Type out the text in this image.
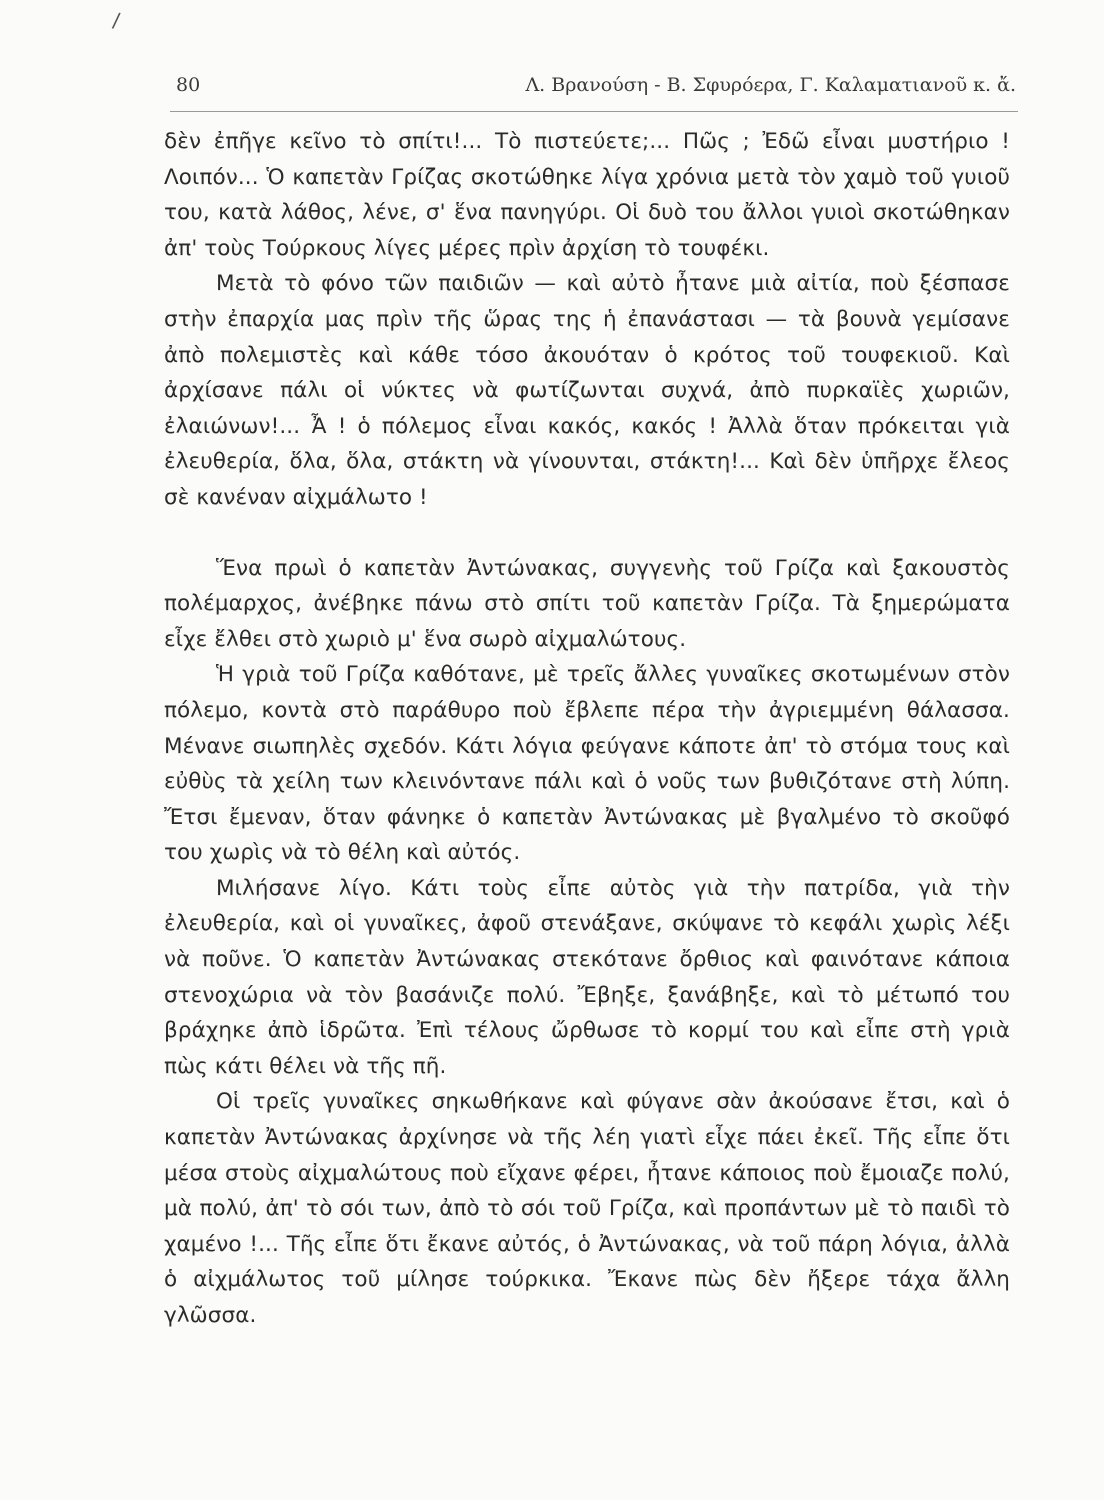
/
80	Λ. Βρανούση - Β. Σφυρόερα, Γ. Καλαματιανοῦ κ. ἄ.

δὲν ἐπῆγε κεῖνο τὸ σπίτι!... Τὸ πιστεύετε;... Πῶς ; Ἐδῶ εἶναι μυστήριο ! Λοιπόν... Ὁ καπετὰν Γρίζας σκοτώθηκε λίγα χρόνια μετὰ τὸν χαμὸ τοῦ γυιοῦ του, κατὰ λάθος, λένε, σ' ἕνα πανηγύρι. Οἱ δυὸ του ἄλλοι γυιοὶ σκοτώθηκαν ἀπ' τοὺς Τούρκους λίγες μέρες πρὶν ἀρχίση τὸ τουφέκι.

Μετὰ τὸ φόνο τῶν παιδιῶν — καὶ αὐτὸ ἦτανε μιὰ αἰτία, ποὺ ξέσπασε στὴν ἐπαρχία μας πρὶν τῆς ὥρας της ἡ ἐπανάστασι — τὰ βουνὰ γεμίσανε ἀπὸ πολεμιστὲς καὶ κάθε τόσο ἀκουόταν ὁ κρότος τοῦ τουφεκιοῦ. Καὶ ἀρχίσανε πάλι οἱ νύκτες νὰ φωτίζωνται συχνά, ἀπὸ πυρκαϊὲς χωριῶν, ἐλαιώνων!... Ἆ ! ὁ πόλεμος εἶναι κακός, κακός ! Ἀλλὰ ὅταν πρόκειται γιὰ ἐλευθερία, ὅλα, ὅλα, στάκτη νὰ γίνουνται, στάκτη!... Καὶ δὲν ὑπῆρχε ἔλεος σὲ κανέναν αἰχμάλωτο !

Ἕνα πρωὶ ὁ καπετὰν Ἀντώνακας, συγγενὴς τοῦ Γρίζα καὶ ξακουστὸς πολέμαρχος, ἀνέβηκε πάνω στὸ σπίτι τοῦ καπετὰν Γρίζα. Τὰ ξημερώματα εἶχε ἔλθει στὸ χωριὸ μ' ἕνα σωρὸ αἰχμαλώτους.

Ἡ γριὰ τοῦ Γρίζα καθότανε, μὲ τρεῖς ἄλλες γυναῖκες σκοτωμένων στὸν πόλεμο, κοντὰ στὸ παράθυρο ποὺ ἔβλεπε πέρα τὴν ἀγριεμμένη θάλασσα. Μένανε σιωπηλὲς σχεδόν. Κάτι λόγια φεύγανε κάποτε ἀπ' τὸ στόμα τους καὶ εὐθὺς τὰ χείλη των κλεινόντανε πάλι καὶ ὁ νοῦς των βυθιζότανε στὴ λύπη. Ἔτσι ἔμεναν, ὅταν φάνηκε ὁ καπετὰν Ἀντώνακας μὲ βγαλμένο τὸ σκοῦφό του χωρὶς νὰ τὸ θέλη καὶ αὐτός.

Μιλήσανε λίγο. Κάτι τοὺς εἶπε αὐτὸς γιὰ τὴν πατρίδα, γιὰ τὴν ἐλευθερία, καὶ οἱ γυναῖκες, ἀφοῦ στενάξανε, σκύψανε τὸ κεφάλι χωρὶς λέξι νὰ ποῦνε. Ὁ καπετὰν Ἀντώνακας στεκότανε ὄρθιος καὶ φαινότανε κάποια στενοχώρια νὰ τὸν βασάνιζε πολύ. Ἔβηξε, ξανάβηξε, καὶ τὸ μέτωπό του βράχηκε ἀπὸ ἱδρῶτα. Ἐπὶ τέλους ὤρθωσε τὸ κορμί του καὶ εἶπε στὴ γριὰ πὼς κάτι θέλει νὰ τῆς πῆ.

Οἱ τρεῖς γυναῖκες σηκωθήκανε καὶ φύγανε σὰν ἀκούσανε ἔτσι, καὶ ὁ καπετὰν Ἀντώνακας ἀρχίνησε νὰ τῆς λέη γιατὶ εἶχε πάει ἐκεῖ. Τῆς εἶπε ὅτι μέσα στοὺς αἰχμαλώτους ποὺ εἴχανε φέρει, ἦτανε κάποιος ποὺ ἔμοιαζε πολύ, μὰ πολύ, ἀπ' τὸ σόι των, ἀπὸ τὸ σόι τοῦ Γρίζα, καὶ προπάντων μὲ τὸ παιδὶ τὸ χαμένο !... Τῆς εἶπε ὅτι ἔκανε αὐτός, ὁ Ἀντώνακας, νὰ τοῦ πάρη λόγια, ἀλλὰ ὁ αἰχμάλωτος τοῦ μίλησε τούρκικα. Ἔκανε πὼς δὲν ἤξερε τάχα ἄλλη γλῶσσα.
